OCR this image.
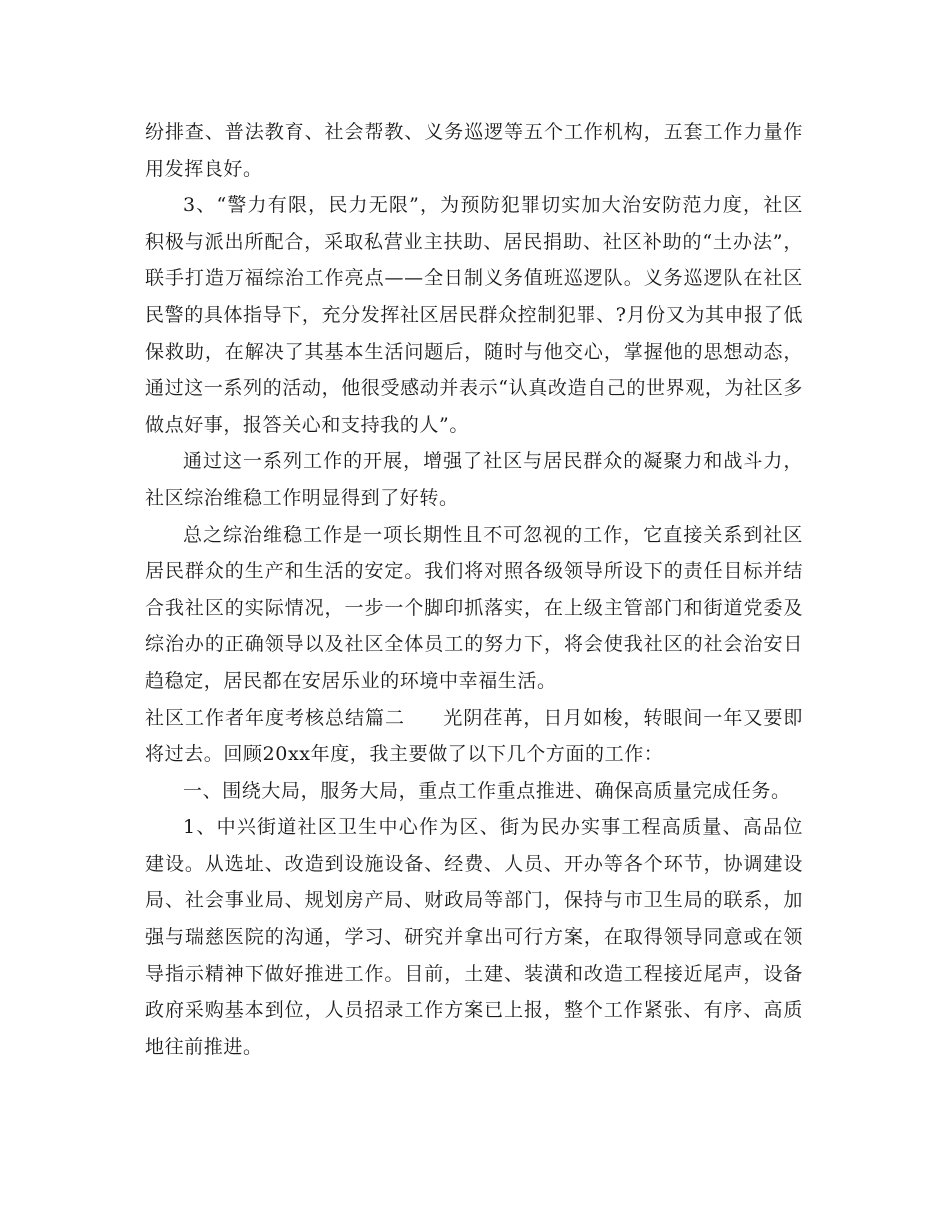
纷排查、普法教育、社会帮教、义务巡逻等五个工作机构，五套工作力量作用发挥良好。

3、“警力有限，民力无限”，为预防犯罪切实加大治安防范力度，社区积极与派出所配合，采取私营业主扶助、居民捐助、社区补助的“土办法”，联手打造万福综治工作亮点——全日制义务值班巡逻队。义务巡逻队在社区民警的具体指导下，充分发挥社区居民群众控制犯罪、?月份又为其申报了低保救助，在解决了其基本生活问题后，随时与他交心，掌握他的思想动态，通过这一系列的活动，他很受感动并表示“认真改造自己的世界观，为社区多做点好事，报答关心和支持我的人”。

通过这一系列工作的开展，增强了社区与居民群众的凝聚力和战斗力，社区综治维稳工作明显得到了好转。

总之综治维稳工作是一项长期性且不可忽视的工作，它直接关系到社区居民群众的生产和生活的安定。我们将对照各级领导所设下的责任目标并结合我社区的实际情况，一步一个脚印抓落实，在上级主管部门和街道党委及综治办的正确领导以及社区全体员工的努力下，将会使我社区的社会治安日趋稳定，居民都在安居乐业的环境中幸福生活。

社区工作者年度考核总结篇二 光阴荏苒，日月如梭，转眼间一年又要即将过去。回顾20xx年度，我主要做了以下几个方面的工作：

一、围绕大局，服务大局，重点工作重点推进、确保高质量完成任务。

1、中兴街道社区卫生中心作为区、街为民办实事工程高质量、高品位建设。从选址、改造到设施设备、经费、人员、开办等各个环节，协调建设局、社会事业局、规划房产局、财政局等部门，保持与市卫生局的联系，加强与瑞慈医院的沟通，学习、研究并拿出可行方案，在取得领导同意或在领导指示精神下做好推进工作。目前，土建、装潢和改造工程接近尾声，设备政府采购基本到位，人员招录工作方案已上报，整个工作紧张、有序、高质地往前推进。
